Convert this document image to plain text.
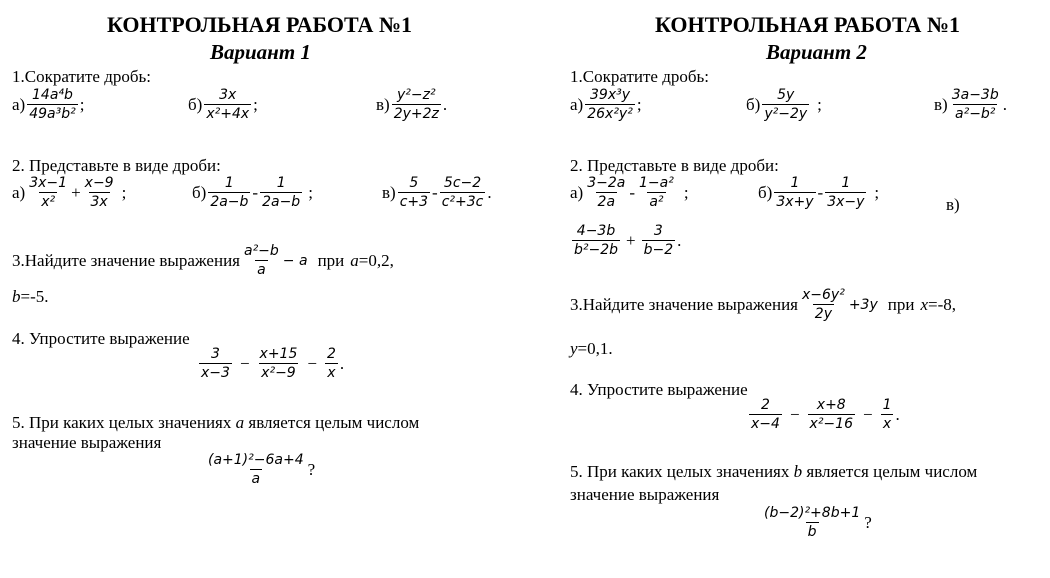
КОНТРОЛЬНАЯ РАБОТА №1
Вариант 1
1.Сократите дробь:
$а) \frac{\text{14a⁴b}}{\text{49a³b²}}$ ;	$б) \frac{3x}{\text{x²+4x}}$ ;	$в) \frac{\text{y²−z²}}{2y+2z}$ .
2. Представьте в виде дроби:
$а) \frac{3x-1}{\text{x²}} + \frac{x-9}{3x}$ ;	$б) \frac{1}{2a-b} - \frac{1}{2a-b}$ ;	$в) \frac{5}{c+3} - \frac{5c-2}{\text{c²+3c}}$ .
3.Найдите значение выражения $\frac{\text{a²−b}}{a} - a$ при a =0,2,
b=-5.
4. Упростите выражение
$\frac{3}{x-3} - \frac{x+15}{\text{x²−9}} - \frac{2}{x}$ .
5. При каких целых значениях a является целым числом
значение выражения
$\frac{\text{(a+1)²−6a+4}}{a}$ ?
КОНТРОЛЬНАЯ РАБОТА №1
Вариант 2
1.Сократите дробь:
$а) \frac{\text{39x³y}}{\text{26x²y²}}$ ;	$б) \frac{5y}{\text{y²−2y}}$ ;	$в) \frac{3a-3b}{\text{a²−b²}}$ .
2. Представьте в виде дроби:
$а) \frac{3-2a}{2a} - \frac{\text{1−a²}}{\text{a²}}$ ;	$б) \frac{1}{3x+y} - \frac{1}{3x-y}$ ;
в)
$\frac{4-3b}{\text{b²−2b}} + \frac{3}{b-2}$ .
3.Найдите значение выражения $\frac{\text{x−6y²}}{2y} +3y$ при x =-8,
y=0,1.
4. Упростите выражение
$\frac{2}{x-4} - \frac{x+8}{\text{x²−16}} - \frac{1}{x}$ .
5. При каких целых значениях b является целым числом
значение выражения
$\frac{\text{(b−2)²+8b+1}}{b}$ ?
